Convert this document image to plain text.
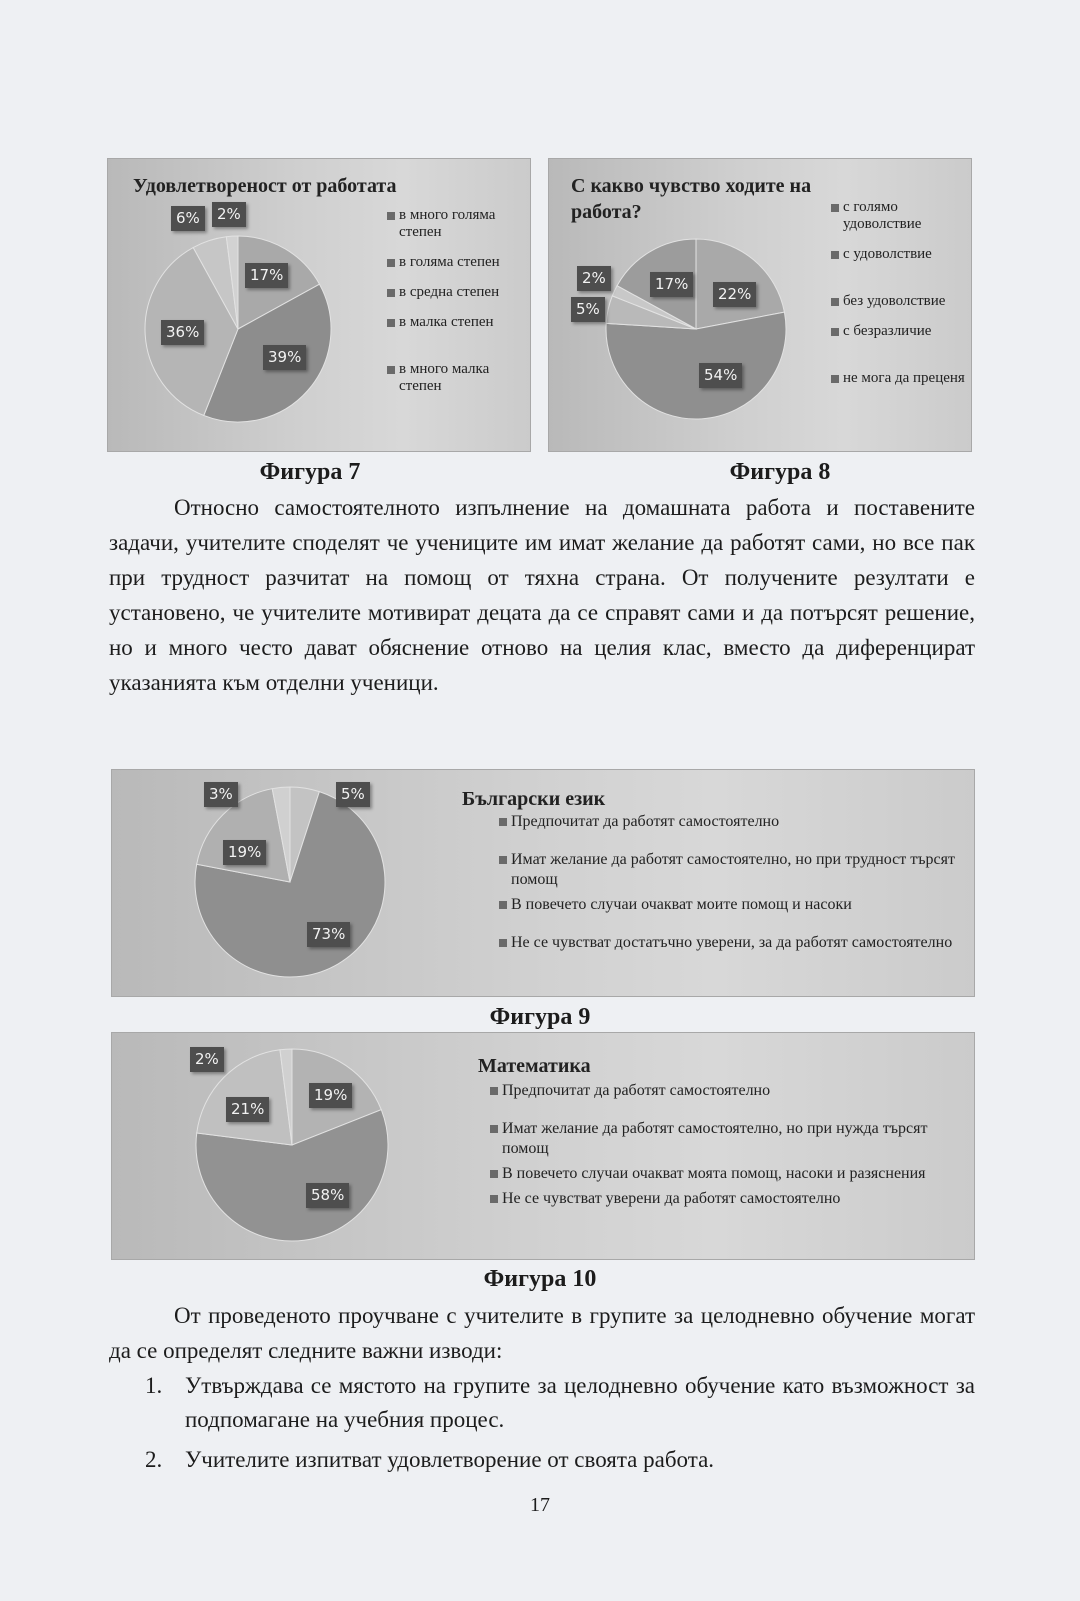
Удовлетвореност от работата
17%
39%
36%
6%	2%	в много голяма степен
в голяма степен
в средна степен
в малка степен
в много малка степен
С какво чувство ходите на работа?
22%
54%
5%
2%	17%
с голямо удоволствие
с удоволствие
без удоволствие
с безразличие
не мога да преценя
Фигура 7	Фигура 8
Относно самостоятелното изпълнение на домашната работа и поставените задачи, учителите споделят че учениците им имат желание да работят сами, но все пак при трудност разчитат на помощ от тяхна страна. От получените резултати е установено, че учителите мотивират децата да се справят сами и да потърсят решение, но и много често дават обяснение отново на целия клас, вместо да диференцират указанията към отделни ученици.
Български език
5%
73%
19%
3%
Предпочитат да работят самостоятелно
Имат желание да работят самостоятелно, но при трудност търсят помощ
В повечето случаи очакват моите помощ и насоки
Не се чувстват достатъчно уверени, за да работят самостоятелно
Фигура 9
Математика
19%
58%
21%
2%
Предпочитат да работят самостоятелно
Имат желание да работят самостоятелно, но при нужда търсят помощ
В повечето случаи очакват моята помощ, насоки и разяснения
Не се чувстват уверени да работят самостоятелно
Фигура 10
От проведеното проучване с учителите в групите за целодневно обучение могат да се определят следните важни изводи:
1. Утвърждава се мястото на групите за целодневно обучение като възможност за подпомагане на учебния процес.
2. Учителите изпитват удовлетворение от своята работа.
17
